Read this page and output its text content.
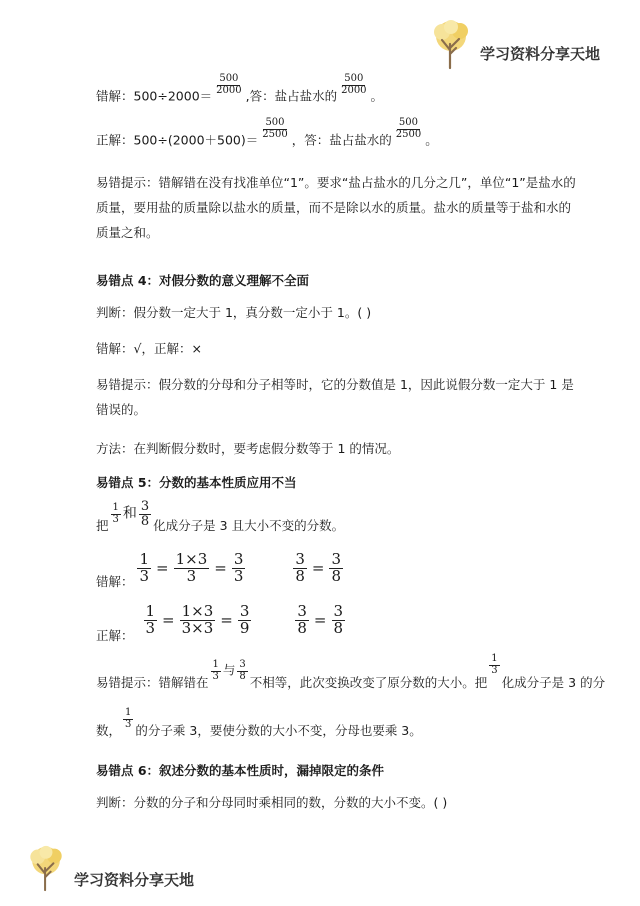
学习资料分享天地
错解：$500\div 2000= \frac{500}{2000}$ ,答：盐占盐水的 $\frac{500}{2000}$ 。
正解：$500\div(2000+500)= \frac{500}{2500}$ ，答：盐占盐水的 $\frac{500}{2500}$ 。
易错提示：错解错在没有找准单位“1”。要求“盐占盐水的几分之几”，单位“1”是盐水的质量，要用盐的质量除以盐水的质量，而不是除以水的质量。盐水的质量等于盐和水的质量之和。
易错点 4：对假分数的意义理解不全面
判断：假分数一定大于 1，真分数一定小于 1。( )
错解：√，正解：×
易错提示：假分数的分母和分子相等时，它的分数值是 1，因此说假分数一定大于 1 是错误的。
方法：在判断假分数时，要考虑假分数等于 1 的情况。
易错点 5：分数的基本性质应用不当
把 $\frac{1}{3}$ 和 $\frac{3}{8}$ 化成分子是 3 且大小不变的分数。
错解： $\frac{1}{3} = \frac{1\times 3}{3} = \frac{3}{3}$
	$\frac{3}{8} = \frac{3}{8}$
正解： $\frac{1}{3} = \frac{1\times 3}{3\times 3} = \frac{3}{9}$
	$\frac{3}{8} = \frac{3}{8}$
易错提示：错解错在 $\frac{1}{3}$ 与 $\frac{3}{8}$ 不相等，此次变换改变了原分数的大小。把
$\frac{1}{3}$
化成分子是 3 的分
数， $\frac{1}{3}$ 的分子乘 3，要使分数的大小不变，分母也要乘 3。
易错点 6：叙述分数的基本性质时，漏掉限定的条件
判断：分数的分子和分母同时乘相同的数，分数的大小不变。( )
学习资料分享天地
